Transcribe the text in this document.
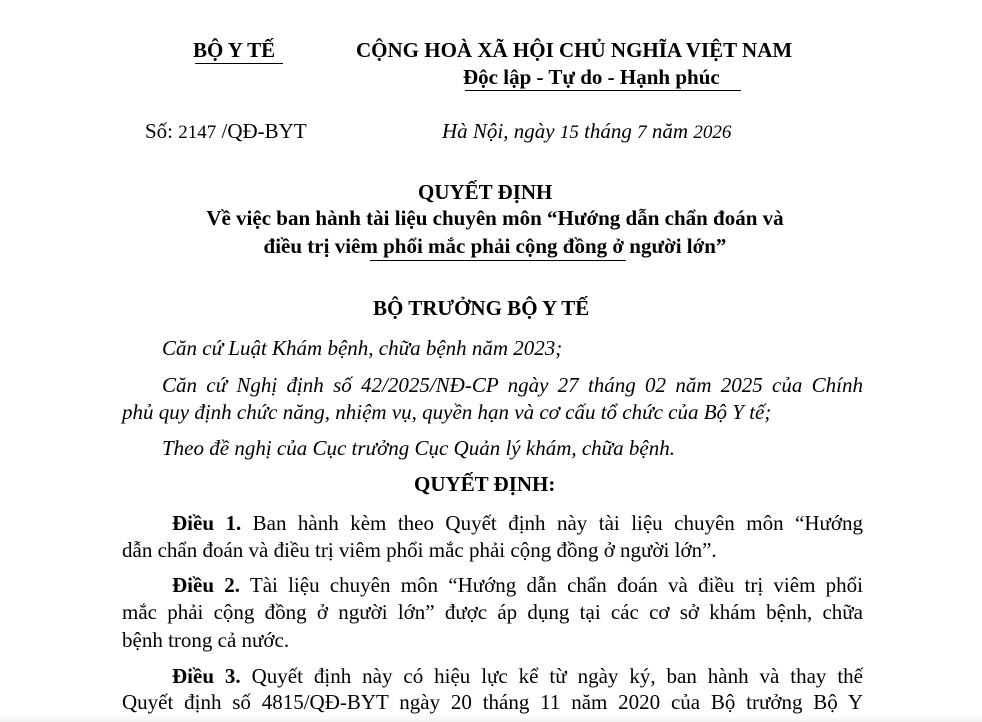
BỘ Y TẾ	CỘNG HOÀ XÃ HỘI CHỦ NGHĨA VIỆT NAM
Độc lập - Tự do - Hạnh phúc
Số: 2147 /QĐ-BYT	Hà Nội, ngày 15 tháng 7 năm 2026
QUYẾT ĐỊNH
Về việc ban hành tài liệu chuyên môn “Hướng dẫn chẩn đoán và
điều trị viêm phổi mắc phải cộng đồng ở người lớn”
BỘ TRƯỞNG BỘ Y TẾ
Căn cứ Luật Khám bệnh, chữa bệnh năm 2023;
Căn cứ Nghị định số 42/2025/NĐ-CP ngày 27 tháng 02 năm 2025 của Chính
phủ quy định chức năng, nhiệm vụ, quyền hạn và cơ cấu tổ chức của Bộ Y tế;
Theo đề nghị của Cục trưởng Cục Quản lý khám, chữa bệnh.
QUYẾT ĐỊNH:
Điều 1. Ban hành kèm theo Quyết định này tài liệu chuyên môn “Hướng
dẫn chẩn đoán và điều trị viêm phổi mắc phải cộng đồng ở người lớn”.
Điều 2. Tài liệu chuyên môn “Hướng dẫn chẩn đoán và điều trị viêm phổi
mắc phải cộng đồng ở người lớn” được áp dụng tại các cơ sở khám bệnh, chữa
bệnh trong cả nước.
Điều 3. Quyết định này có hiệu lực kể từ ngày ký, ban hành và thay thế
Quyết định số 4815/QĐ-BYT ngày 20 tháng 11 năm 2020 của Bộ trưởng Bộ Y
